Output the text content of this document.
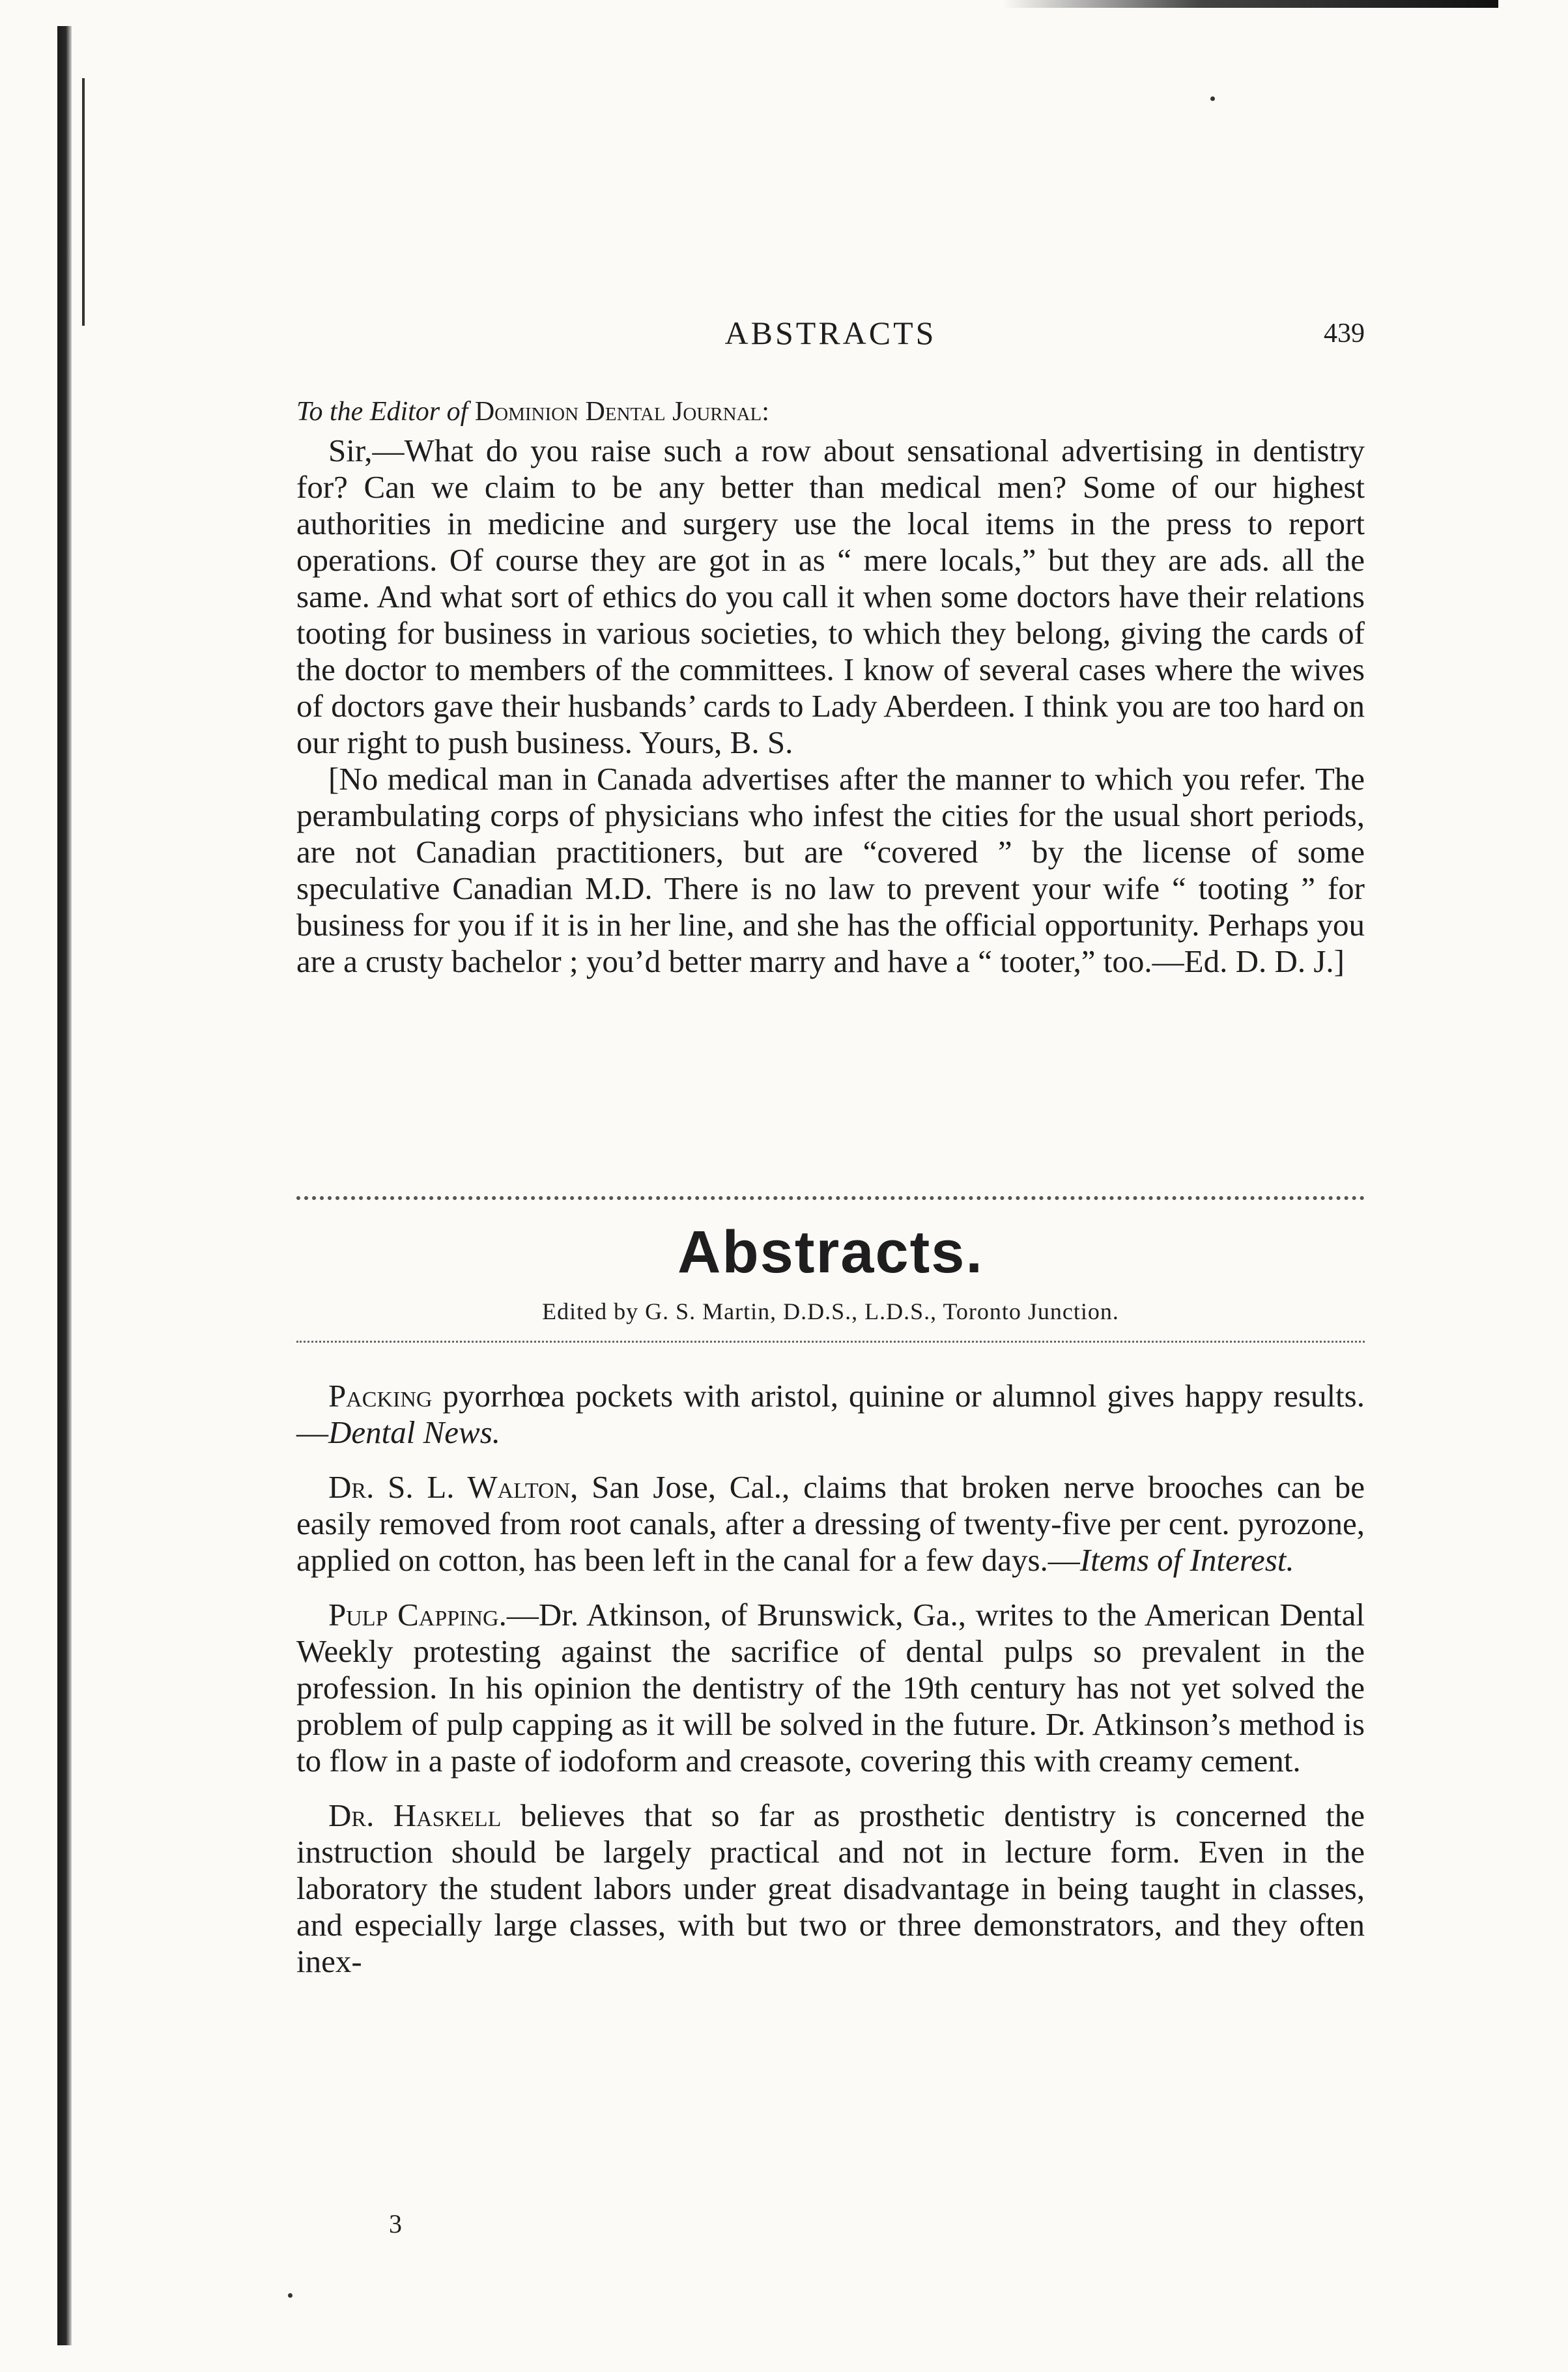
ABSTRACTS	439
To the Editor of Dominion Dental Journal:

Sir,—What do you raise such a row about sensational advertising in dentistry for? Can we claim to be any better than medical men? Some of our highest authorities in medicine and surgery use the local items in the press to report operations. Of course they are got in as “ mere locals,” but they are ads. all the same. And what sort of ethics do you call it when some doctors have their relations tooting for business in various societies, to which they belong, giving the cards of the doctor to members of the committees. I know of several cases where the wives of doctors gave their husbands’ cards to Lady Aberdeen. I think you are too hard on our right to push business. Yours, B. S.

[No medical man in Canada advertises after the manner to which you refer. The perambulating corps of physicians who infest the cities for the usual short periods, are not Canadian practitioners, but are “covered ” by the license of some speculative Canadian M.D. There is no law to prevent your wife “ tooting ” for business for you if it is in her line, and she has the official opportunity. Perhaps you are a crusty bachelor ; you’d better marry and have a “ tooter,” too.—Ed. D. D. J.]

Abstracts.
Edited by G. S. Martin, D.D.S., L.D.S., Toronto Junction.

Packing pyorrhœa pockets with aristol, quinine or alumnol gives happy results.—Dental News.

Dr. S. L. Walton, San Jose, Cal., claims that broken nerve brooches can be easily removed from root canals, after a dressing of twenty-five per cent. pyrozone, applied on cotton, has been left in the canal for a few days.—Items of Interest.

Pulp Capping.—Dr. Atkinson, of Brunswick, Ga., writes to the American Dental Weekly protesting against the sacrifice of dental pulps so prevalent in the profession. In his opinion the dentistry of the 19th century has not yet solved the problem of pulp capping as it will be solved in the future. Dr. Atkinson’s method is to flow in a paste of iodoform and creasote, covering this with creamy cement.

Dr. Haskell believes that so far as prosthetic dentistry is concerned the instruction should be largely practical and not in lecture form. Even in the laboratory the student labors under great disadvantage in being taught in classes, and especially large classes, with but two or three demonstrators, and they often inex-

3
